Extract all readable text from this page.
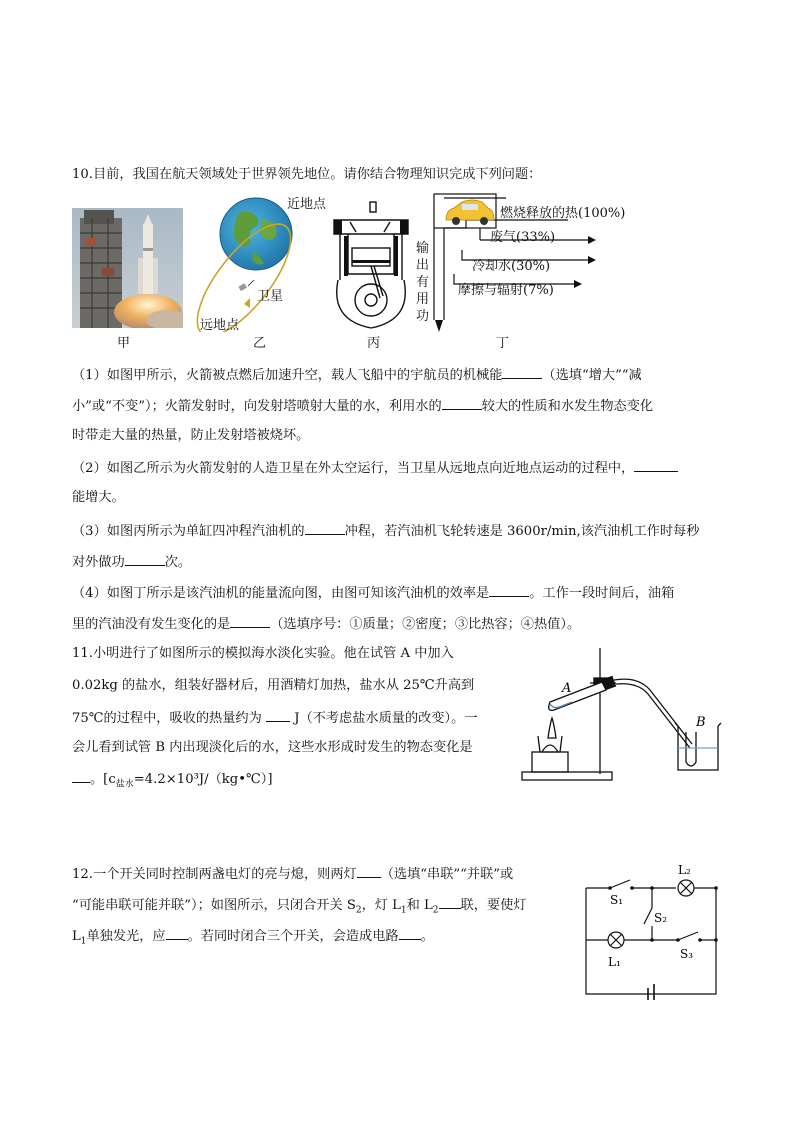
10.目前，我国在航天领域处于世界领先地位。请你结合物理知识完成下列问题：
甲
近地点
卫星
远地点
乙	丙
燃烧释放的热(100%)
废气(33%)
冷却水(30%)
摩擦与辐射(7%)
输
出
有
用
功
丁
（1）如图甲所示，火箭被点燃后加速升空，载人飞船中的宇航员的机械能	（选填“增大”“减
小”或“不变”）；火箭发射时，向发射塔喷射大量的水，利用水的	较大的性质和水发生物态变化
时带走大量的热量，防止发射塔被烧坏。
（2）如图乙所示为火箭发射的人造卫星在外太空运行，当卫星从远地点向近地点运动的过程中，
能增大。
（3）如图丙所示为单缸四冲程汽油机的	冲程，若汽油机飞轮转速是 3600r/min,该汽油机工作时每秒
对外做功	次。
（4）如图丁所示是该汽油机的能量流向图，由图可知该汽油机的效率是	。工作一段时间后，油箱
里的汽油没有发生变化的是	（选填序号：①质量；②密度；③比热容；④热值）。
11.小明进行了如图所示的模拟海水淡化实验。他在试管 A 中加入
0.02kg 的盐水，组装好器材后，用酒精灯加热，盐水从 25℃升高到
75℃的过程中，吸收的热量约为 J（不考虑盐水质量的改变）。一
会儿看到试管 B 内出现淡化后的水，这些水形成时发生的物态变化是
。$[c_{盐水}=4.2\times 10^3J/(kg•℃)]$
A
B
12.一个开关同时控制两盏电灯的亮与熄，则两灯 （选填“串联”“并联”或
“可能串联可能并联”）；如图所示，只闭合开关 $S_2$，灯 $L_1$和 $L_2$ 联，要使灯
$L_1$单独发光，应 。若同时闭合三个开关，会造成电路 。
S₁
S₂
S₃
L₁
L₂
